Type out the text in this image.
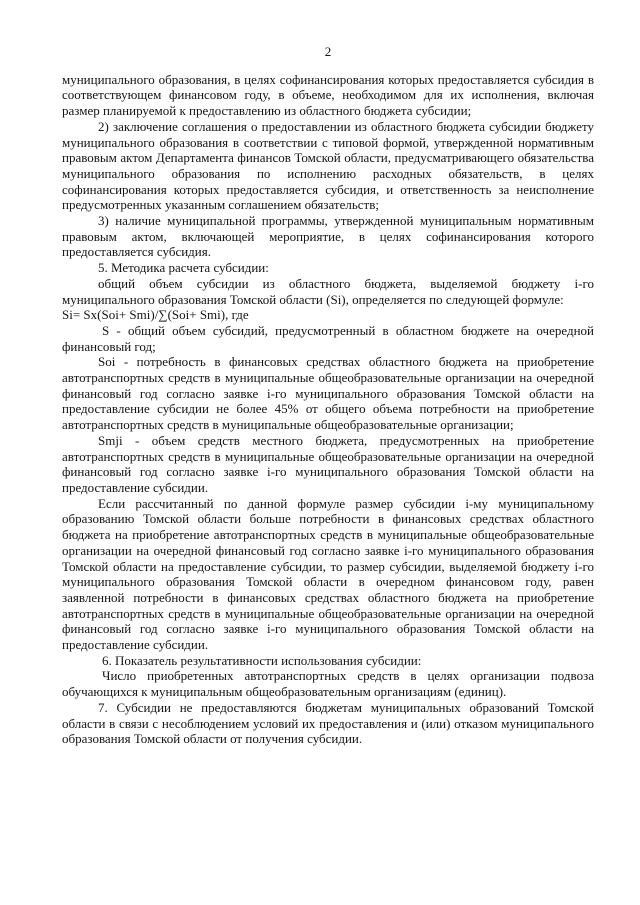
2

муниципального образования, в целях софинансирования которых предоставляется субсидия в соответствующем финансовом году, в объеме, необходимом для их исполнения, включая размер планируемой к предоставлению из областного бюджета субсидии;

2) заключение соглашения о предоставлении из областного бюджета субсидии бюджету муниципального образования в соответствии с типовой формой, утвержденной нормативным правовым актом Департамента финансов Томской области, предусматривающего обязательства муниципального образования по исполнению расходных обязательств, в целях софинансирования которых предоставляется субсидия, и ответственность за неисполнение предусмотренных указанным соглашением обязательств;

3) наличие муниципальной программы, утвержденной муниципальным нормативным правовым актом, включающей мероприятие, в целях софинансирования которого предоставляется субсидия.

5. Методика расчета субсидии:

общий объем субсидии из областного бюджета, выделяемой бюджету i-го муниципального образования Томской области (Si), определяется по следующей формуле:

Si= Sx(Soi+ Smi)/∑(Soi+ Smi), где

S - общий объем субсидий, предусмотренный в областном бюджете на очередной финансовый год;

Soi - потребность в финансовых средствах областного бюджета на приобретение автотранспортных средств в муниципальные общеобразовательные организации на очередной финансовый год согласно заявке i-го муниципального образования Томской области на предоставление субсидии не более 45% от общего объема потребности на приобретение автотранспортных средств в муниципальные общеобразовательные организации;

Smji - объем средств местного бюджета, предусмотренных на приобретение автотранспортных средств в муниципальные общеобразовательные организации на очередной финансовый год согласно заявке i-го муниципального образования Томской области на предоставление субсидии.

Если рассчитанный по данной формуле размер субсидии i-му муниципальному образованию Томской области больше потребности в финансовых средствах областного бюджета на приобретение автотранспортных средств в муниципальные общеобразовательные организации на очередной финансовый год согласно заявке i-го муниципального образования Томской области на предоставление субсидии, то размер субсидии, выделяемой бюджету i-го муниципального образования Томской области в очередном финансовом году, равен заявленной потребности в финансовых средствах областного бюджета на приобретение автотранспортных средств в муниципальные общеобразовательные организации на очередной финансовый год согласно заявке i-го муниципального образования Томской области на предоставление субсидии.

6. Показатель результативности использования субсидии:

Число приобретенных автотранспортных средств в целях организации подвоза обучающихся к муниципальным общеобразовательным организациям (единиц).

7. Субсидии не предоставляются бюджетам муниципальных образований Томской области в связи с несоблюдением условий их предоставления и (или) отказом муниципального образования Томской области от получения субсидии.
